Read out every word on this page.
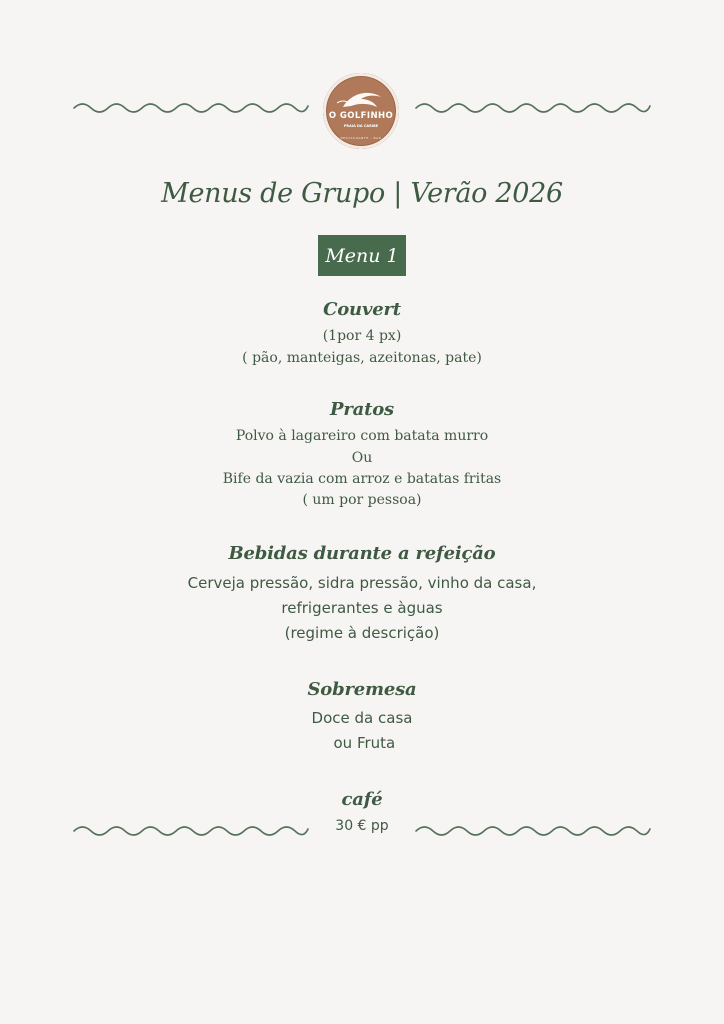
O GOLFINHO
PRAIA DA CARIBE
RESTAURANTE · BAR
Menus de Grupo | Verão 2026
Menu 1
Couvert
(1por 4 px)
( pão, manteigas, azeitonas, pate)
Pratos
Polvo à lagareiro com batata murro
Ou
Bife da vazia com arroz e batatas fritas
( um por pessoa)
Bebidas durante a refeição
Cerveja pressão, sidra pressão, vinho da casa,
refrigerantes e àguas
(regime à descrição)
Sobremesa
Doce da casa
ou Fruta
café
30 € pp
